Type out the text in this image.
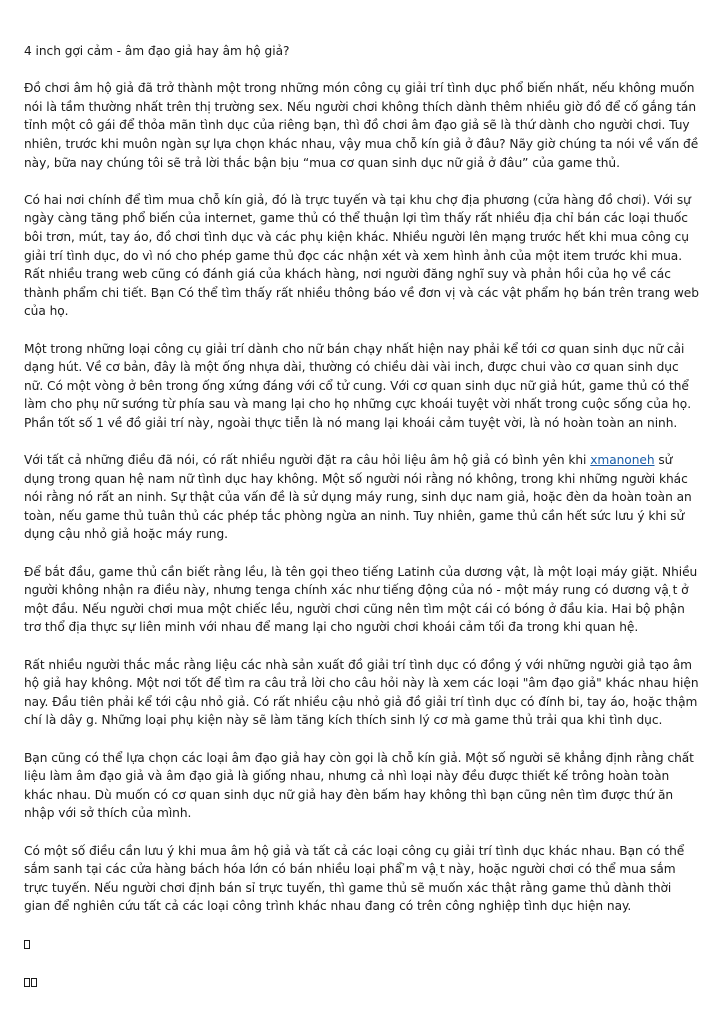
4 inch gợi cảm - âm đạo giả hay âm hộ giả?

Đồ chơi âm hộ giả đã trở thành một trong những món công cụ giải trí tình dục phổ biến nhất, nếu không muốn nói là tầm thường nhất trên thị trường sex. Nếu người chơi không thích dành thêm nhiều giờ đồ để cố gắng tán tỉnh một cô gái để thỏa mãn tình dục của riêng bạn, thì đồ chơi âm đạo giả sẽ là thứ dành cho người chơi. Tuy nhiên, trước khi muôn ngàn sự lựa chọn khác nhau, vậy mua chỗ kín giả ở đâu? Nãy giờ chúng ta nói về vấn đề này, bữa nay chúng tôi sẽ trả lời thắc bận bịu “mua cơ quan sinh dục nữ giả ở đâu” của game thủ.

Có hai nơi chính để tìm mua chỗ kín giả, đó là trực tuyến và tại khu chợ địa phương (cửa hàng đồ chơi). Với sự ngày càng tăng phổ biến của internet, game thủ có thể thuận lợi tìm thấy rất nhiều địa chỉ bán các loại thuốc bôi trơn, mút, tay áo, đồ chơi tình dục và các phụ kiện khác. Nhiều người lên mạng trước hết khi mua công cụ giải trí tình dục, do vì nó cho phép game thủ đọc các nhận xét và xem hình ảnh của một item trước khi mua. Rất nhiều trang web cũng có đánh giá của khách hàng, nơi người đăng nghĩ suy và phản hồi của họ về các thành phẩm chi tiết. Bạn Có thể tìm thấy rất nhiều thông báo về đơn vị và các vật phẩm họ bán trên trang web của họ.

Một trong những loại công cụ giải trí dành cho nữ bán chạy nhất hiện nay phải kể tới cơ quan sinh dục nữ cải dạng hút. Về cơ bản, đây là một ống nhựa dài, thường có chiều dài vài inch, được chui vào cơ quan sinh dục nữ. Có một vòng ở bên trong ống xứng đáng với cổ tử cung. Với cơ quan sinh dục nữ giả hút, game thủ có thể làm cho phụ nữ sướng từ phía sau và mang lại cho họ những cực khoái tuyệt vời nhất trong cuộc sống của họ. Phần tốt số 1 về đồ giải trí này, ngoài thực tiễn là nó mang lại khoái cảm tuyệt vời, là nó hoàn toàn an ninh.

Với tất cả những điều đã nói, có rất nhiều người đặt ra câu hỏi liệu âm hộ giả có bình yên khi xmanoneh sử dụng trong quan hệ nam nữ tình dục hay không. Một số người nói rằng nó không, trong khi những người khác nói rằng nó rất an ninh. Sự thật của vấn đề là sử dụng máy rung, sinh dục nam giả, hoặc đèn da hoàn toàn an toàn, nếu game thủ tuân thủ các phép tắc phòng ngừa an ninh. Tuy nhiên, game thủ cần hết sức lưu ý khi sử dụng cậu nhỏ giả hoặc máy rung.

Để bắt đầu, game thủ cần biết rằng lều, là tên gọi theo tiếng Latinh của dương vật, là một loại máy giặt. Nhiều người không nhận ra điều này, nhưng tenga chính xác như tiếng động của nó - một máy rung có dương vậ ̣t ở một đầu. Nếu người chơi mua một chiếc lều, người chơi cũng nên tìm một cái có bóng ở đầu kia. Hai bộ phận trơ thổ địa thực sự liên minh với nhau để mang lại cho người chơi khoái cảm tối đa trong khi quan hệ.

Rất nhiều người thắc mắc rằng liệu các nhà sản xuất đồ giải trí tình dục có đồng ý với những người giả tạo âm hộ giả hay không. Một nơi tốt để tìm ra câu trả lời cho câu hỏi này là xem các loại "âm đạo giả" khác nhau hiện nay. Đầu tiên phải kể tới cậu nhỏ giả. Có rất nhiều cậu nhỏ giả đồ giải trí tình dục có đính bi, tay áo, hoặc thậm chí là dây g. Những loại phụ kiện này sẽ làm tăng kích thích sinh lý cơ mà game thủ trải qua khi tình dục.

Bạn cũng có thể lựa chọn các loại âm đạo giả hay còn gọi là chỗ kín giả. Một số người sẽ khẳng định rằng chất liệu làm âm đạo giả và âm đạo giả là giống nhau, nhưng cả nhì loại này đều được thiết kế trông hoàn toàn khác nhau. Dù muốn có cơ quan sinh dục nữ giả hay đèn bấm hay không thì bạn cũng nên tìm được thứ ăn nhập với sở thích của mình.

Có một số điều cần lưu ý khi mua âm hộ giả và tất cả các loại công cụ giải trí tình dục khác nhau. Bạn có thể sắm sanh tại các cửa hàng bách hóa lớn có bán nhiều loại phẩ ̉m vậ ̣t này, hoặc người chơi có thể mua sắm trực tuyến. Nếu người chơi định bán sỉ trực tuyến, thì game thủ sẽ muốn xác thật rằng game thủ dành thời gian để nghiên cứu tất cả các loại công trình khác nhau đang có trên công nghiệp tình dục hiện nay.
